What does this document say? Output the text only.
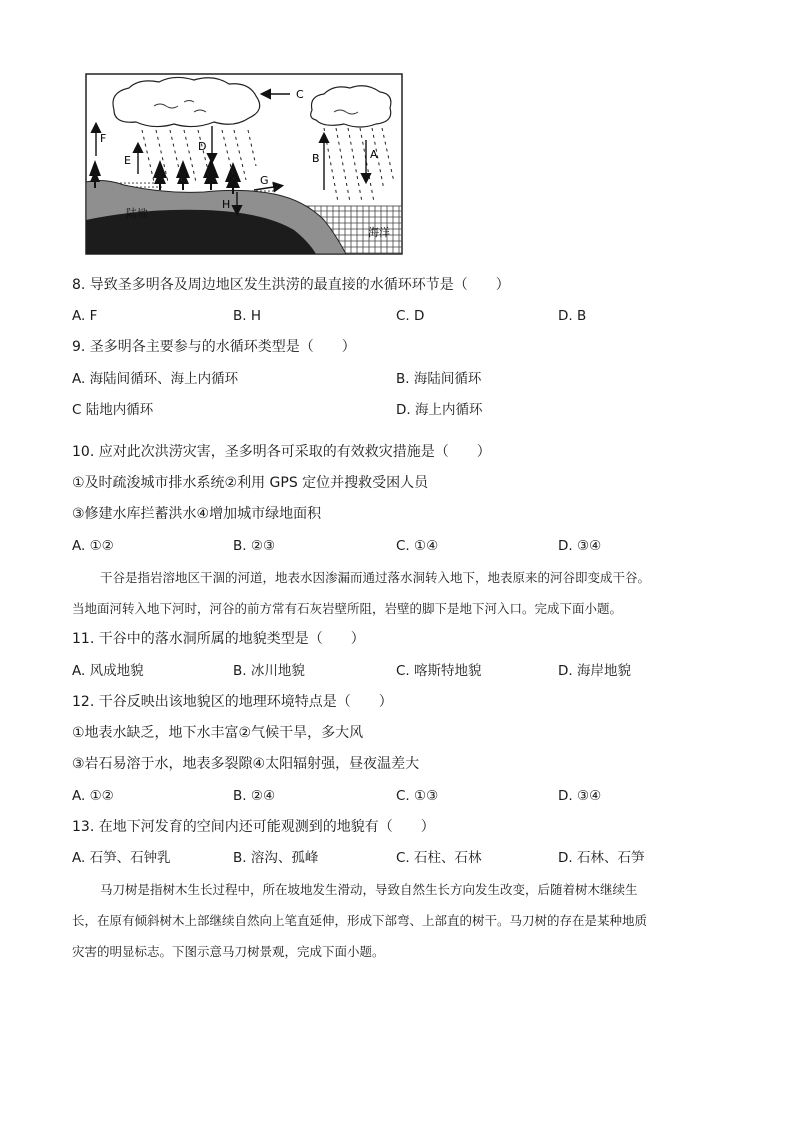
C
F
E
D
G
H
B	A
陆地
海洋
8. 导致圣多明各及周边地区发生洪涝的最直接的水循环环节是（　　）
A. F	B. H	C. D	D. B
9. 圣多明各主要参与的水循环类型是（　　）
A. 海陆间循环、海上内循环	B. 海陆间循环
C 陆地内循环	D. 海上内循环
10. 应对此次洪涝灾害，圣多明各可采取的有效救灾措施是（　　）
①及时疏浚城市排水系统②利用 GPS 定位并搜救受困人员
③修建水库拦蓄洪水④增加城市绿地面积
A. ①②	B. ②③	C. ①④	D. ③④
干谷是指岩溶地区干涸的河道，地表水因渗漏而通过落水洞转入地下，地表原来的河谷即变成干谷。
当地面河转入地下河时，河谷的前方常有石灰岩壁所阻，岩壁的脚下是地下河入口。完成下面小题。
11. 干谷中的落水洞所属的地貌类型是（　　）
A. 风成地貌	B. 冰川地貌	C. 喀斯特地貌	D. 海岸地貌
12. 干谷反映出该地貌区的地理环境特点是（　　）
①地表水缺乏，地下水丰富②气候干旱，多大风
③岩石易溶于水，地表多裂隙④太阳辐射强，昼夜温差大
A. ①②	B. ②④	C. ①③	D. ③④
13. 在地下河发育的空间内还可能观测到的地貌有（　　）
A. 石笋、石钟乳	B. 溶沟、孤峰	C. 石柱、石林	D. 石林、石笋
马刀树是指树木生长过程中，所在坡地发生滑动，导致自然生长方向发生改变，后随着树木继续生
长，在原有倾斜树木上部继续自然向上笔直延伸，形成下部弯、上部直的树干。马刀树的存在是某种地质
灾害的明显标志。下图示意马刀树景观，完成下面小题。
